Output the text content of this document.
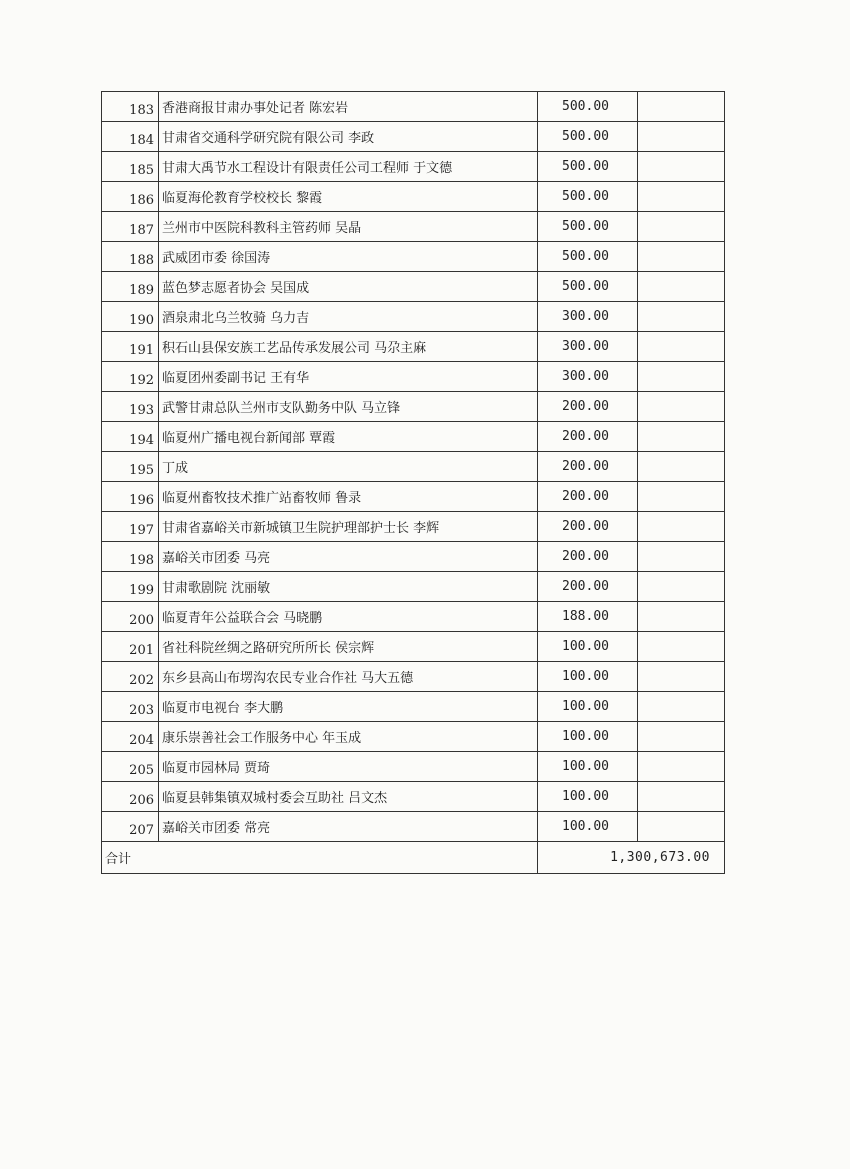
183	香港商报甘肃办事处记者 陈宏岩	500.00	
184	甘肃省交通科学研究院有限公司 李政	500.00	
185	甘肃大禹节水工程设计有限责任公司工程师 于文德	500.00	
186	临夏海伦教育学校校长 黎霞	500.00	
187	兰州市中医院科教科主管药师 吴晶	500.00	
188	武威团市委 徐国涛	500.00	
189	蓝色梦志愿者协会 吴国成	500.00	
190	酒泉肃北乌兰牧骑 乌力吉	300.00	
191	积石山县保安族工艺品传承发展公司 马尕主麻	300.00	
192	临夏团州委副书记 王有华	300.00	
193	武警甘肃总队兰州市支队勤务中队 马立锋	200.00	
194	临夏州广播电视台新闻部 覃霞	200.00	
195	丁成	200.00	
196	临夏州畜牧技术推广站畜牧师 鲁录	200.00	
197	甘肃省嘉峪关市新城镇卫生院护理部护士长 李辉	200.00	
198	嘉峪关市团委 马亮	200.00	
199	甘肃歌剧院 沈丽敏	200.00	
200	临夏青年公益联合会 马晓鹏	188.00	
201	省社科院丝绸之路研究所所长 侯宗辉	100.00	
202	东乡县高山布塄沟农民专业合作社 马大五德	100.00	
203	临夏市电视台 李大鹏	100.00	
204	康乐崇善社会工作服务中心 年玉成	100.00	
205	临夏市园林局 贾琦	100.00	
206	临夏县韩集镇双城村委会互助社 吕文杰	100.00	
207	嘉峪关市团委 常亮	100.00	
合计		1,300,673.00	
